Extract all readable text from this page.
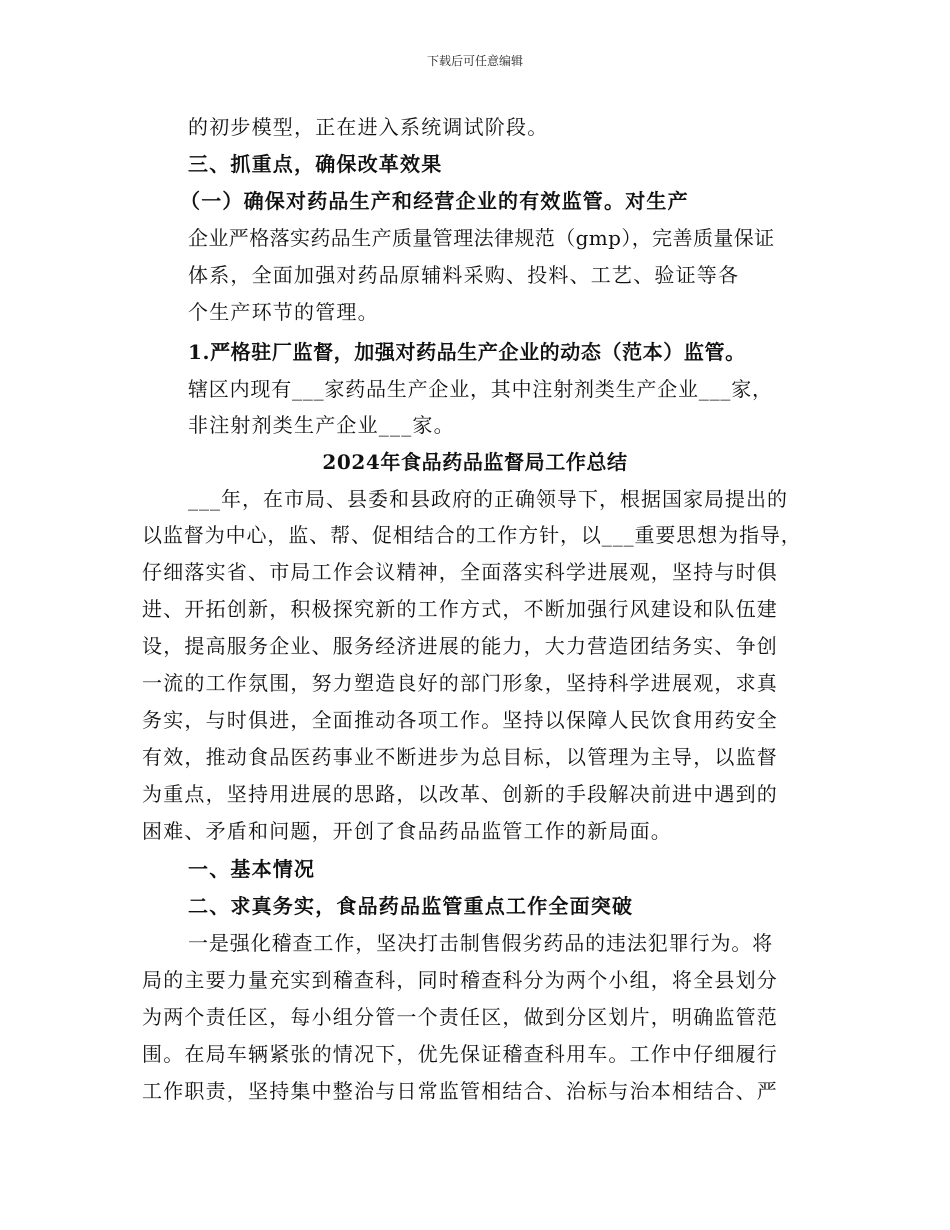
下载后可任意编辑
的初步模型，正在进入系统调试阶段。
三、抓重点，确保改革效果
（一）确保对药品生产和经营企业的有效监管。对生产
企业严格落实药品生产质量管理法律规范（gmp），完善质量保证
体系，全面加强对药品原辅料采购、投料、工艺、验证等各
个生产环节的管理。
1.严格驻厂监督，加强对药品生产企业的动态（范本）监管。
辖区内现有___家药品生产企业，其中注射剂类生产企业___家，
非注射剂类生产企业___家。
2024年食品药品监督局工作总结
___年，在市局、县委和县政府的正确领导下，根据国家局提出的
以监督为中心，监、帮、促相结合的工作方针，以___重要思想为指导，
仔细落实省、市局工作会议精神，全面落实科学进展观，坚持与时俱
进、开拓创新，积极探究新的工作方式，不断加强行风建设和队伍建
设，提高服务企业、服务经济进展的能力，大力营造团结务实、争创
一流的工作氛围，努力塑造良好的部门形象，坚持科学进展观，求真
务实，与时俱进，全面推动各项工作。坚持以保障人民饮食用药安全
有效，推动食品医药事业不断进步为总目标，以管理为主导，以监督
为重点，坚持用进展的思路，以改革、创新的手段解决前进中遇到的
困难、矛盾和问题，开创了食品药品监管工作的新局面。
一、基本情况
二、求真务实，食品药品监管重点工作全面突破
一是强化稽查工作，坚决打击制售假劣药品的违法犯罪行为。将
局的主要力量充实到稽查科，同时稽查科分为两个小组，将全县划分
为两个责任区，每小组分管一个责任区，做到分区划片，明确监管范
围。在局车辆紧张的情况下，优先保证稽查科用车。工作中仔细履行
工作职责，坚持集中整治与日常监管相结合、治标与治本相结合、严
